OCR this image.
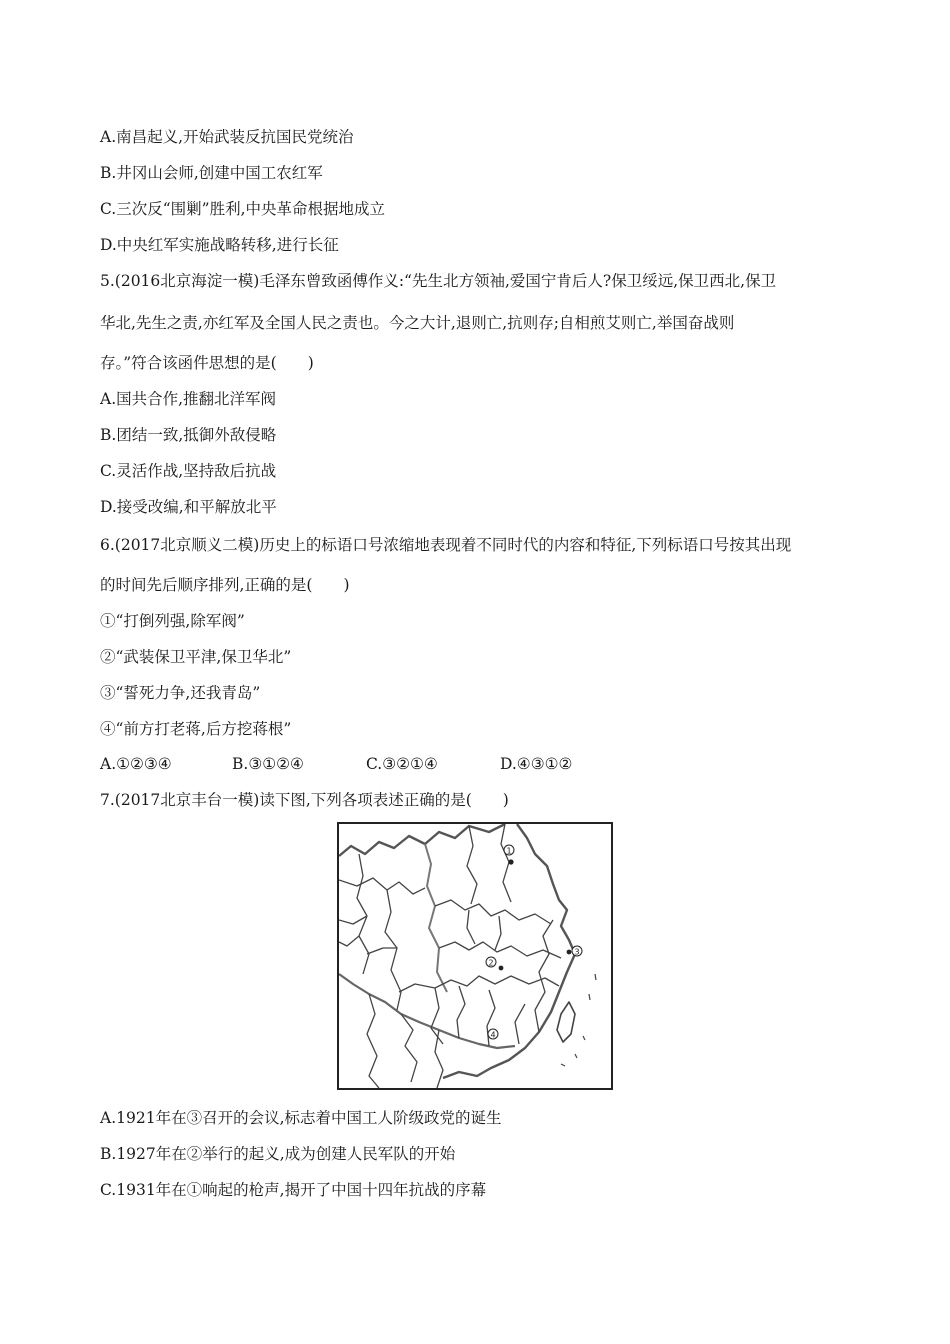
A.南昌起义,开始武装反抗国民党统治
B.井冈山会师,创建中国工农红军
C.三次反“围剿”胜利,中央革命根据地成立
D.中央红军实施战略转移,进行长征
5.(2016北京海淀一模)毛泽东曾致函傅作义:“先生北方领袖,爱国宁肯后人?保卫绥远,保卫西北,保卫
华北,先生之责,亦红军及全国人民之责也。今之大计,退则亡,抗则存;自相煎艾则亡,举国奋战则
存。”符合该函件思想的是(　　)
A.国共合作,推翻北洋军阀
B.团结一致,抵御外敌侵略
C.灵活作战,坚持敌后抗战
D.接受改编,和平解放北平
6.(2017北京顺义二模)历史上的标语口号浓缩地表现着不同时代的内容和特征,下列标语口号按其出现
的时间先后顺序排列,正确的是(　　)
①“打倒列强,除军阀”
②“武装保卫平津,保卫华北”
③“誓死力争,还我青岛”
④“前方打老蒋,后方挖蒋根”
A.①②③④	B.③①②④	C.③②①④	D.④③①②
7.(2017北京丰台一模)读下图,下列各项表述正确的是(　　)
1
2
3
4
A.1921年在③召开的会议,标志着中国工人阶级政党的诞生
B.1927年在②举行的起义,成为创建人民军队的开始
C.1931年在①响起的枪声,揭开了中国十四年抗战的序幕
